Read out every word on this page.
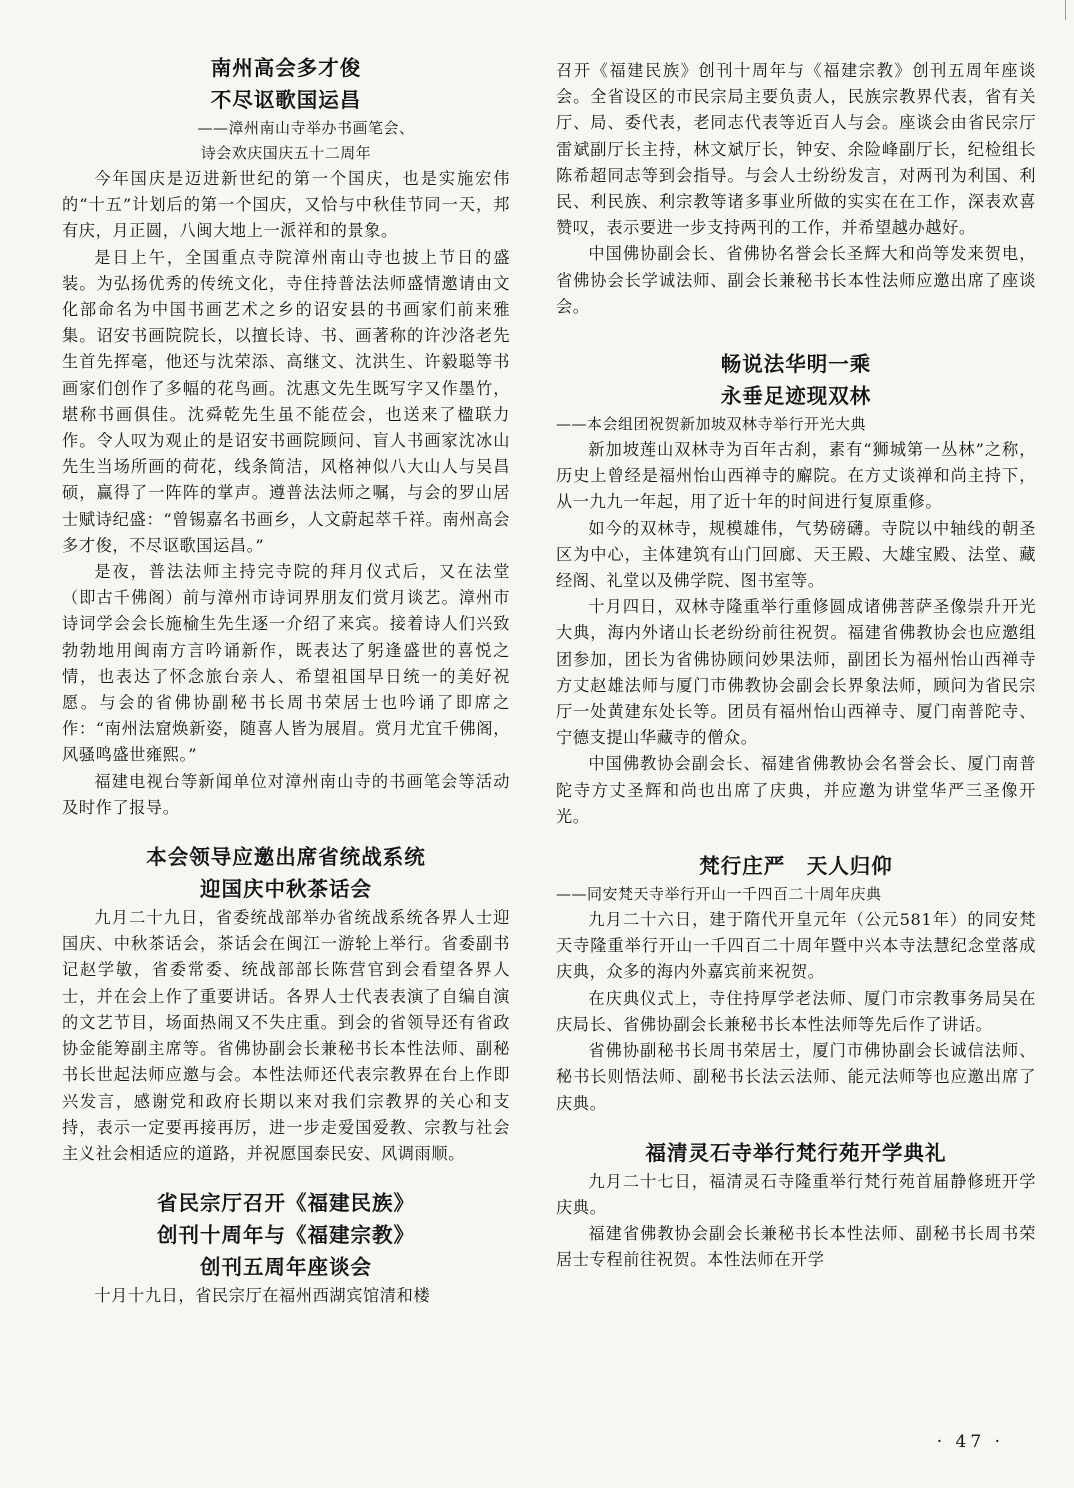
南州高会多才俊
不尽讴歌国运昌
——漳州南山寺举办书画笔会、
诗会欢庆国庆五十二周年

今年国庆是迈进新世纪的第一个国庆，也是实施宏伟的“十五”计划后的第一个国庆，又恰与中秋佳节同一天，邦有庆，月正圆，八闽大地上一派祥和的景象。

是日上午，全国重点寺院漳州南山寺也披上节日的盛装。为弘扬优秀的传统文化，寺住持普法法师盛情邀请由文化部命名为中国书画艺术之乡的诏安县的书画家们前来雅集。诏安书画院院长，以擅长诗、书、画著称的许沙洛老先生首先挥毫，他还与沈荣添、高继文、沈洪生、许毅聪等书画家们创作了多幅的花鸟画。沈惠文先生既写字又作墨竹，堪称书画俱佳。沈舜乾先生虽不能莅会，也送来了楹联力作。令人叹为观止的是诏安书画院顾问、盲人书画家沈冰山先生当场所画的荷花，线条简洁，风格神似八大山人与吴昌硕，赢得了一阵阵的掌声。遵普法法师之嘱，与会的罗山居士赋诗纪盛：“曾锡嘉名书画乡，人文蔚起萃千祥。南州高会多才俊，不尽讴歌国运昌。”

是夜，普法法师主持完寺院的拜月仪式后，又在法堂（即古千佛阁）前与漳州市诗词界朋友们赏月谈艺。漳州市诗词学会会长施榆生先生逐一介绍了来宾。接着诗人们兴致勃勃地用闽南方言吟诵新作，既表达了躬逢盛世的喜悦之情，也表达了怀念旅台亲人、希望祖国早日统一的美好祝愿。与会的省佛协副秘书长周书荣居士也吟诵了即席之作：“南州法窟焕新姿，随喜人皆为展眉。赏月尤宜千佛阁，风骚鸣盛世雍熙。”

福建电视台等新闻单位对漳州南山寺的书画笔会等活动及时作了报导。

本会领导应邀出席省统战系统
迎国庆中秋茶话会

九月二十九日，省委统战部举办省统战系统各界人士迎国庆、中秋茶话会，茶话会在闽江一游轮上举行。省委副书记赵学敏，省委常委、统战部部长陈营官到会看望各界人士，并在会上作了重要讲话。各界人士代表表演了自编自演的文艺节目，场面热闹又不失庄重。到会的省领导还有省政协金能筹副主席等。省佛协副会长兼秘书长本性法师、副秘书长世起法师应邀与会。本性法师还代表宗教界在台上作即兴发言，感谢党和政府长期以来对我们宗教界的关心和支持，表示一定要再接再厉，进一步走爱国爱教、宗教与社会主义社会相适应的道路，并祝愿国泰民安、风调雨顺。

省民宗厅召开《福建民族》
创刊十周年与《福建宗教》
创刊五周年座谈会

十月十九日，省民宗厅在福州西湖宾馆清和楼

召开《福建民族》创刊十周年与《福建宗教》创刊五周年座谈会。全省设区的市民宗局主要负责人，民族宗教界代表，省有关厅、局、委代表，老同志代表等近百人与会。座谈会由省民宗厅雷斌副厅长主持，林文斌厅长，钟安、余险峰副厅长，纪检组长陈希超同志等到会指导。与会人士纷纷发言，对两刊为利国、利民、利民族、利宗教等诸多事业所做的实实在在工作，深表欢喜赞叹，表示要进一步支持两刊的工作，并希望越办越好。

中国佛协副会长、省佛协名誉会长圣辉大和尚等发来贺电，省佛协会长学诚法师、副会长兼秘书长本性法师应邀出席了座谈会。

畅说法华明一乘
永垂足迹现双林
——本会组团祝贺新加坡双林寺举行开光大典

新加坡莲山双林寺为百年古刹，素有“狮城第一丛林”之称，历史上曾经是福州怡山西禅寺的廨院。在方丈谈禅和尚主持下，从一九九一年起，用了近十年的时间进行复原重修。

如今的双林寺，规模雄伟，气势磅礴。寺院以中轴线的朝圣区为中心，主体建筑有山门回廊、天王殿、大雄宝殿、法堂、藏经阁、礼堂以及佛学院、图书室等。

十月四日，双林寺隆重举行重修圆成诸佛菩萨圣像崇升开光大典，海内外诸山长老纷纷前往祝贺。福建省佛教协会也应邀组团参加，团长为省佛协顾问妙果法师，副团长为福州怡山西禅寺方丈赵雄法师与厦门市佛教协会副会长界象法师，顾问为省民宗厅一处黄建东处长等。团员有福州怡山西禅寺、厦门南普陀寺、宁德支提山华藏寺的僧众。

中国佛教协会副会长、福建省佛教协会名誉会长、厦门南普陀寺方丈圣辉和尚也出席了庆典，并应邀为讲堂华严三圣像开光。

梵行庄严　天人归仰
——同安梵天寺举行开山一千四百二十周年庆典

九月二十六日，建于隋代开皇元年（公元581年）的同安梵天寺隆重举行开山一千四百二十周年暨中兴本寺法慧纪念堂落成庆典，众多的海内外嘉宾前来祝贺。

在庆典仪式上，寺住持厚学老法师、厦门市宗教事务局吴在庆局长、省佛协副会长兼秘书长本性法师等先后作了讲话。

省佛协副秘书长周书荣居士，厦门市佛协副会长诚信法师、秘书长则悟法师、副秘书长法云法师、能元法师等也应邀出席了庆典。

福清灵石寺举行梵行苑开学典礼

九月二十七日，福清灵石寺隆重举行梵行苑首届静修班开学庆典。

福建省佛教协会副会长兼秘书长本性法师、副秘书长周书荣居士专程前往祝贺。本性法师在开学

· 47 ·
